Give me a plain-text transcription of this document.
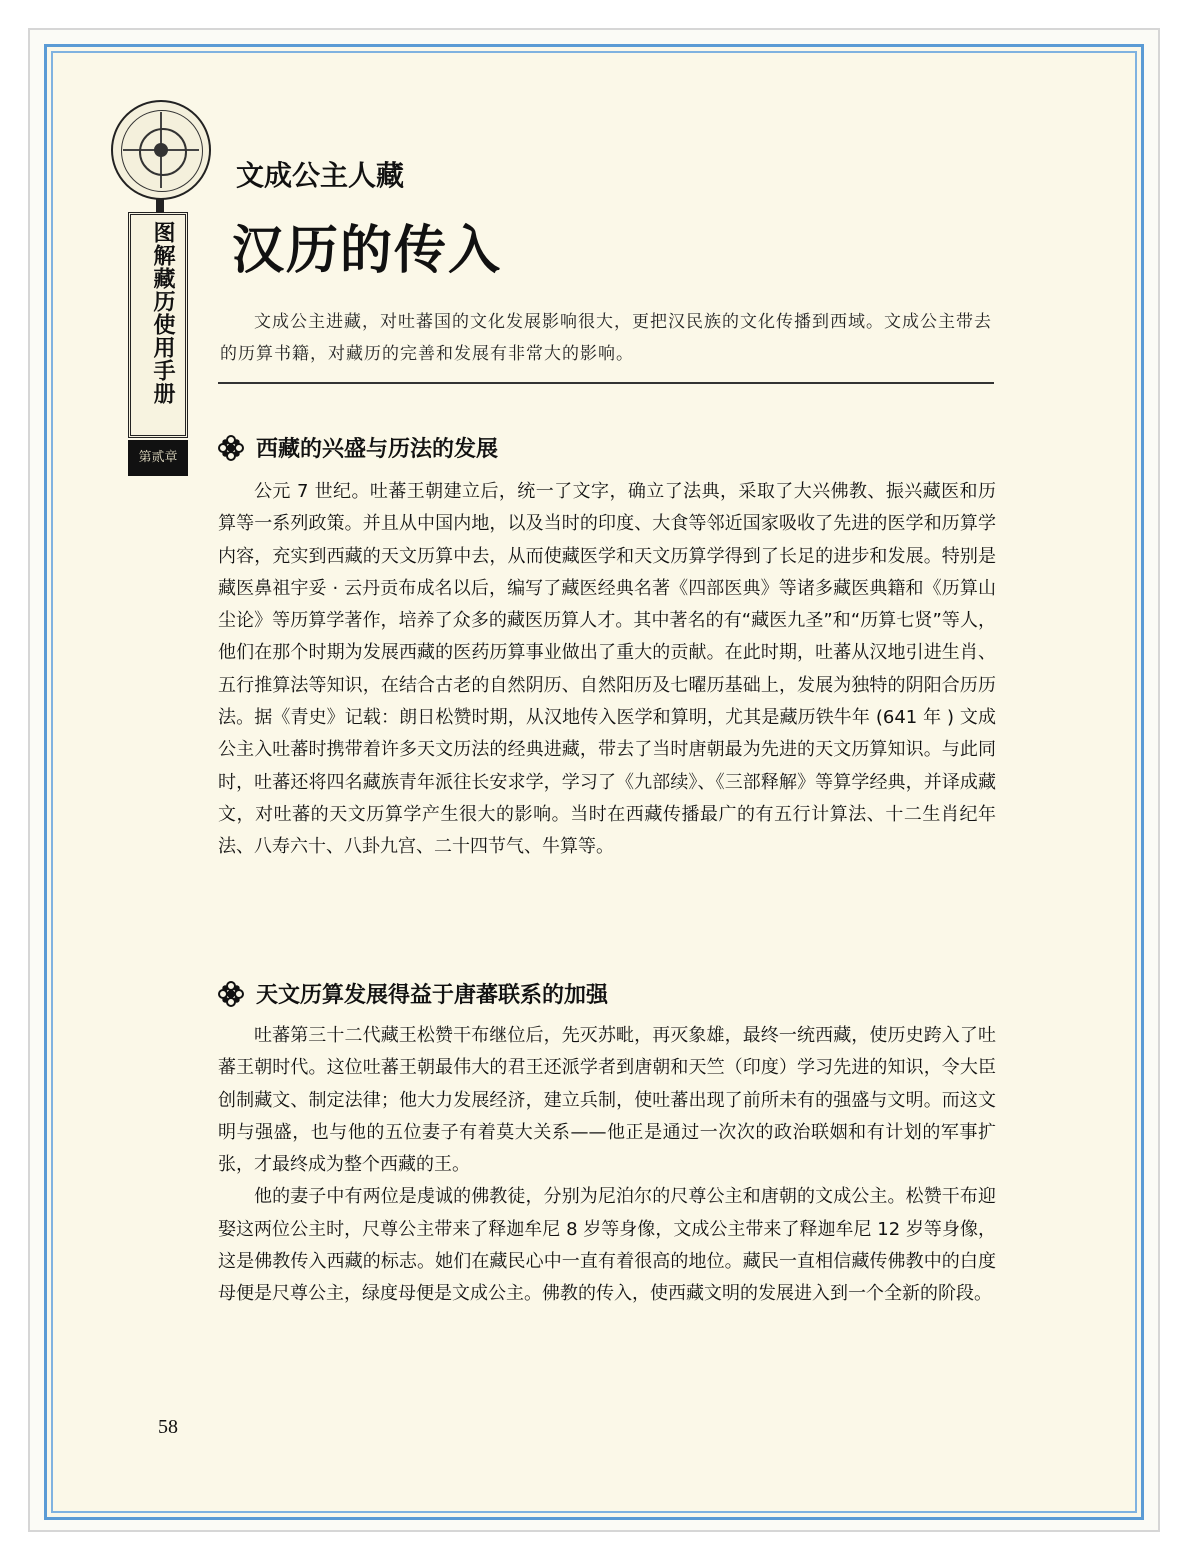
图解藏历使用手册
第贰章
文成公主人藏
汉历的传入
文成公主进藏，对吐蕃国的文化发展影响很大，更把汉民族的文化传播到西域。文成公主带去的历算书籍，对藏历的完善和发展有非常大的影响。
西藏的兴盛与历法的发展

公元 7 世纪。吐蕃王朝建立后，统一了文字，确立了法典，采取了大兴佛教、振兴藏医和历算等一系列政策。并且从中国内地，以及当时的印度、大食等邻近国家吸收了先进的医学和历算学内容，充实到西藏的天文历算中去，从而使藏医学和天文历算学得到了长足的进步和发展。特别是藏医鼻祖宇妥 · 云丹贡布成名以后，编写了藏医经典名著《四部医典》等诸多藏医典籍和《历算山尘论》等历算学著作，培养了众多的藏医历算人才。其中著名的有“藏医九圣”和“历算七贤”等人，他们在那个时期为发展西藏的医药历算事业做出了重大的贡献。在此时期，吐蕃从汉地引进生肖、五行推算法等知识，在结合古老的自然阴历、自然阳历及七曜历基础上，发展为独特的阴阳合历历法。据《青史》记载：朗日松赞时期，从汉地传入医学和算明，尤其是藏历铁牛年 (641 年 ) 文成公主入吐蕃时携带着许多天文历法的经典进藏，带去了当时唐朝最为先进的天文历算知识。与此同时，吐蕃还将四名藏族青年派往长安求学，学习了《九部续》、《三部释解》等算学经典，并译成藏文，对吐蕃的天文历算学产生很大的影响。当时在西藏传播最广的有五行计算法、十二生肖纪年法、八寿六十、八卦九宫、二十四节气、牛算等。

天文历算发展得益于唐蕃联系的加强

吐蕃第三十二代藏王松赞干布继位后，先灭苏毗，再灭象雄，最终一统西藏，使历史跨入了吐蕃王朝时代。这位吐蕃王朝最伟大的君王还派学者到唐朝和天竺（印度）学习先进的知识，令大臣创制藏文、制定法律；他大力发展经济，建立兵制，使吐蕃出现了前所未有的强盛与文明。而这文明与强盛，也与他的五位妻子有着莫大关系——他正是通过一次次的政治联姻和有计划的军事扩张，才最终成为整个西藏的王。

他的妻子中有两位是虔诚的佛教徒，分别为尼泊尔的尺尊公主和唐朝的文成公主。松赞干布迎娶这两位公主时，尺尊公主带来了释迦牟尼 8 岁等身像，文成公主带来了释迦牟尼 12 岁等身像，这是佛教传入西藏的标志。她们在藏民心中一直有着很高的地位。藏民一直相信藏传佛教中的白度母便是尺尊公主，绿度母便是文成公主。佛教的传入，使西藏文明的发展进入到一个全新的阶段。

58
